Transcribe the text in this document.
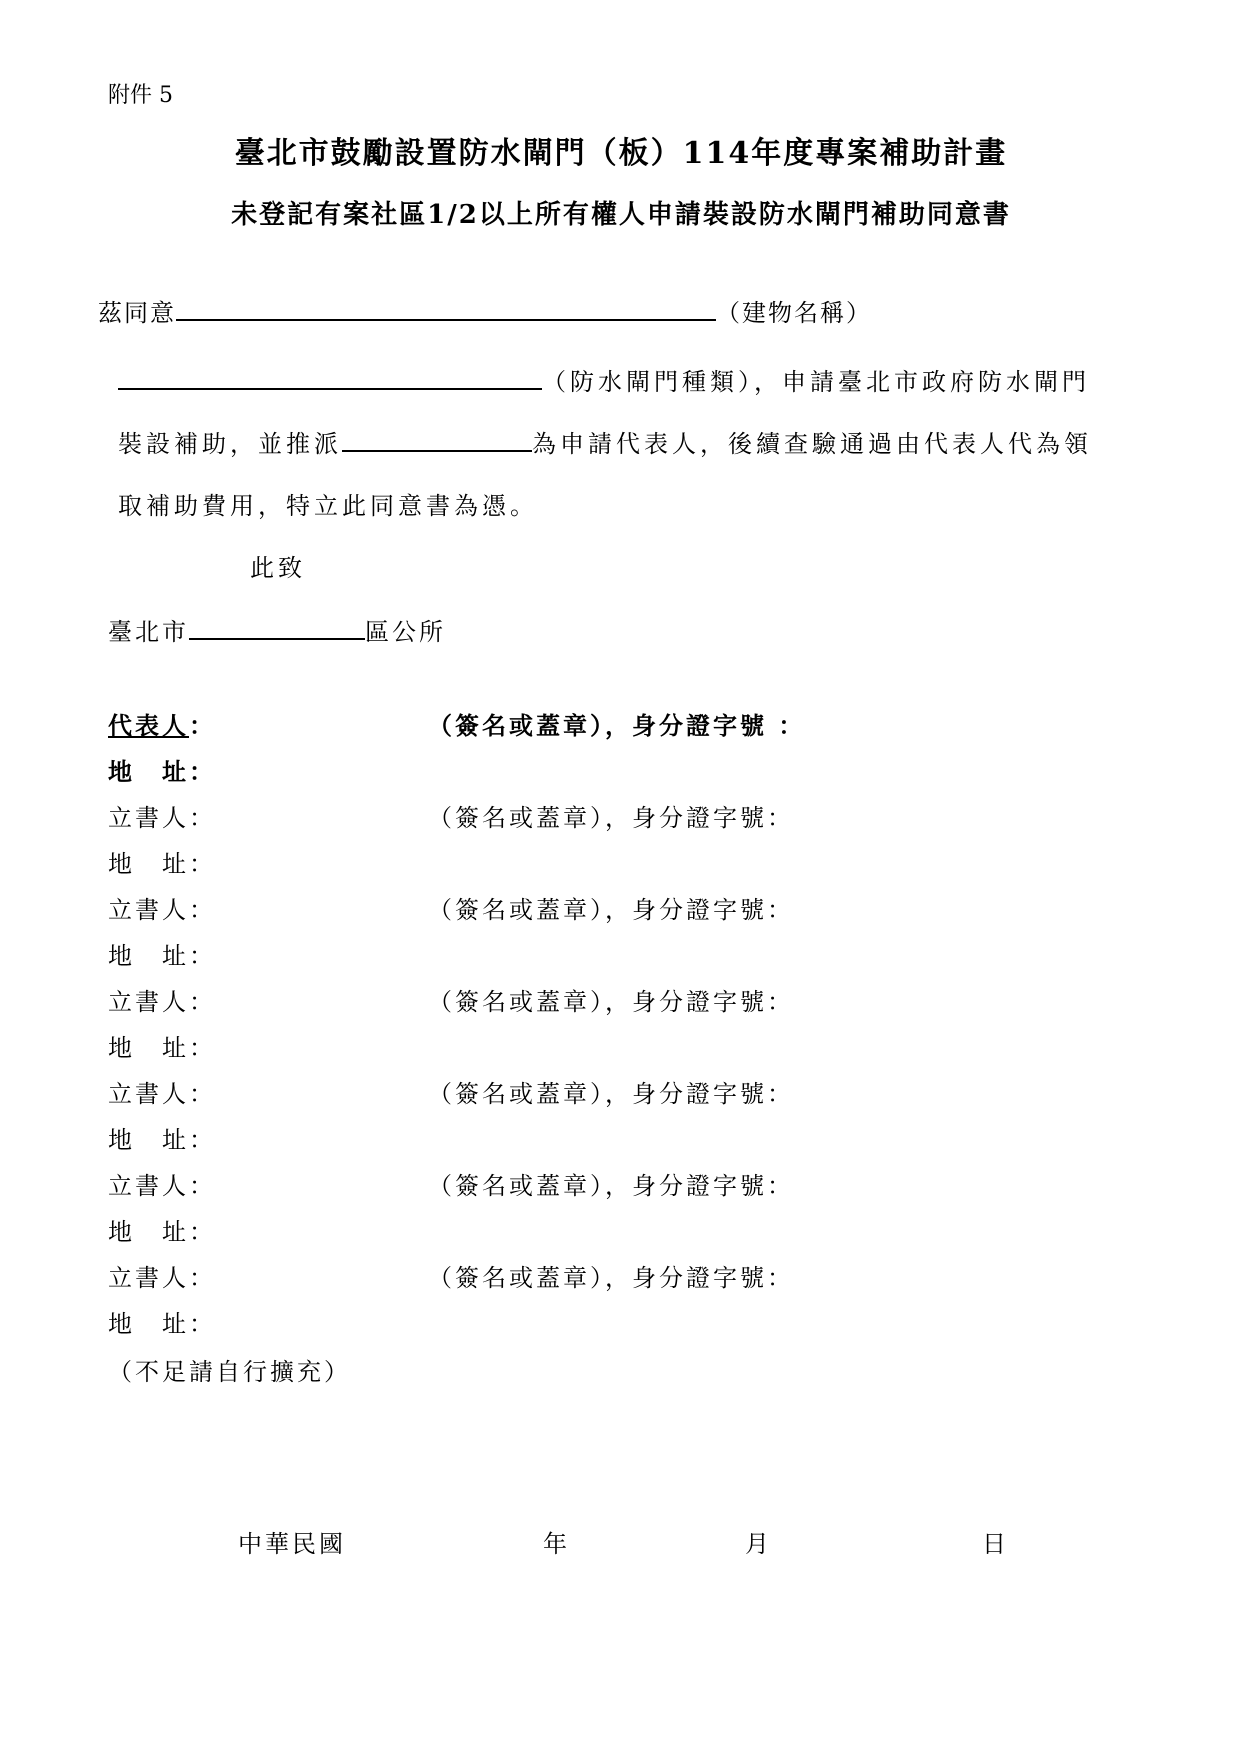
附件 5
臺北市鼓勵設置防水閘門（板）114年度專案補助計畫
未登記有案社區1/2以上所有權人申請裝設防水閘門補助同意書
茲同意	（建物名稱）
（防水閘門種類），申請臺北市政府防水閘門
裝設補助，並推派	為申請代表人，後續查驗通過由代表人代為領
取補助費用，特立此同意書為憑。
此致
臺北市	區公所
代表人：	（簽名或蓋章），身分證字號 ：
地　址：
立書人：	（簽名或蓋章），身分證字號：
地　址：
立書人：	（簽名或蓋章），身分證字號：
地　址：
立書人：	（簽名或蓋章），身分證字號：
地　址：
立書人：	（簽名或蓋章），身分證字號：
地　址：
立書人：	（簽名或蓋章），身分證字號：
地　址：
立書人：	（簽名或蓋章），身分證字號：
地　址：
（不足請自行擴充）
中華民國	年	月	日
